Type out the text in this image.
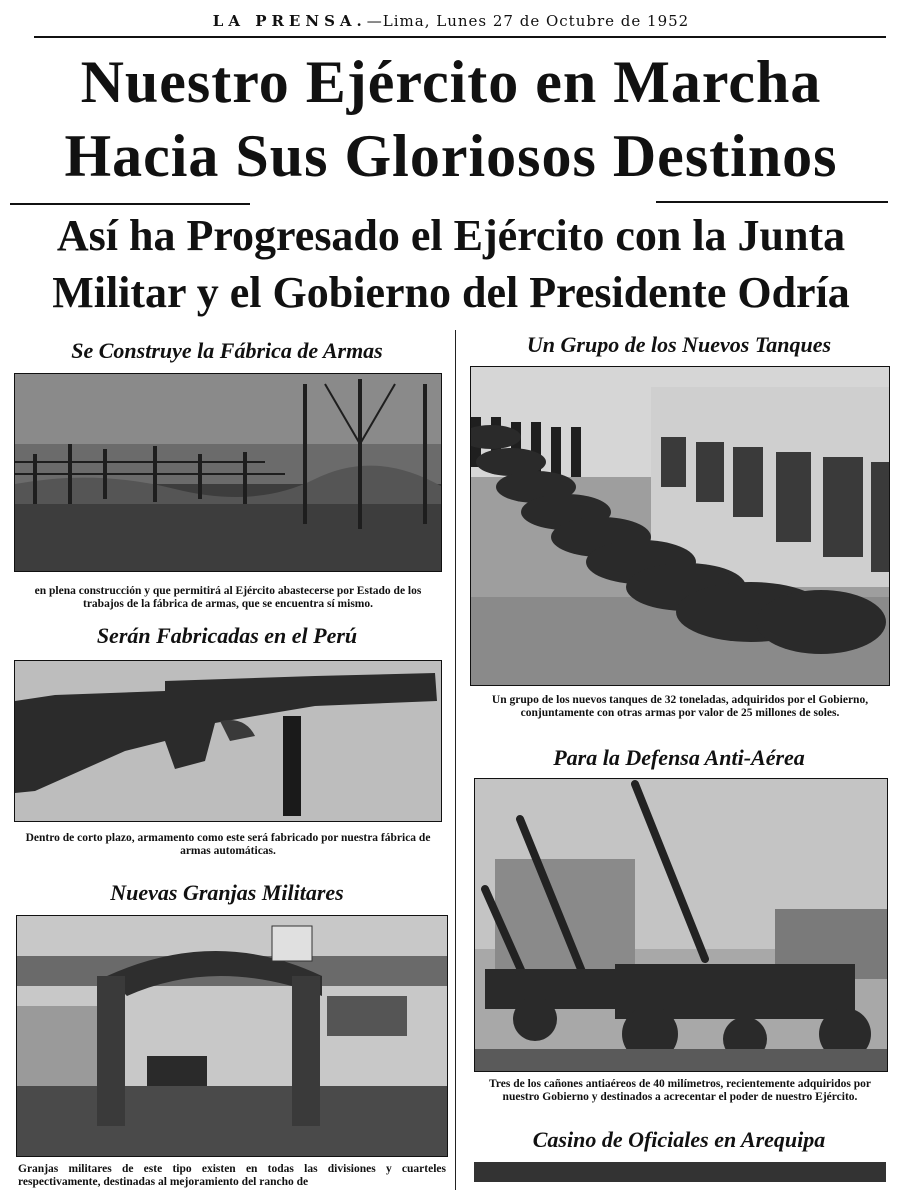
LA PRENSA.—Lima, Lunes 27 de Octubre de 1952
Nuestro Ejército en Marcha
Hacia Sus Gloriosos Destinos
Así ha Progresado el Ejército con la Junta
Militar y el Gobierno del Presidente Odría
Se Construye la Fábrica de Armas
en plena construcción y que permitirá al Ejército abastecerse por Estado de los trabajos de la fábrica de armas, que se encuentra sí mismo.
Serán Fabricadas en el Perú
Dentro de corto plazo, armamento como este será fabricado por nuestra fábrica de armas automáticas.
Nuevas Granjas Militares
Granjas militares de este tipo existen en todas las divisiones y cuarteles respectivamente, destinadas al mejoramiento del rancho de
Un Grupo de los Nuevos Tanques
Un grupo de los nuevos tanques de 32 toneladas, adquiridos por el Gobierno, conjuntamente con otras armas por valor de 25 millones de soles.
Para la Defensa Anti-Aérea
Tres de los cañones antiaéreos de 40 milímetros, recientemente adquiridos por nuestro Gobierno y destinados a acrecentar el poder de nuestro Ejército.
Casino de Oficiales en Arequipa
